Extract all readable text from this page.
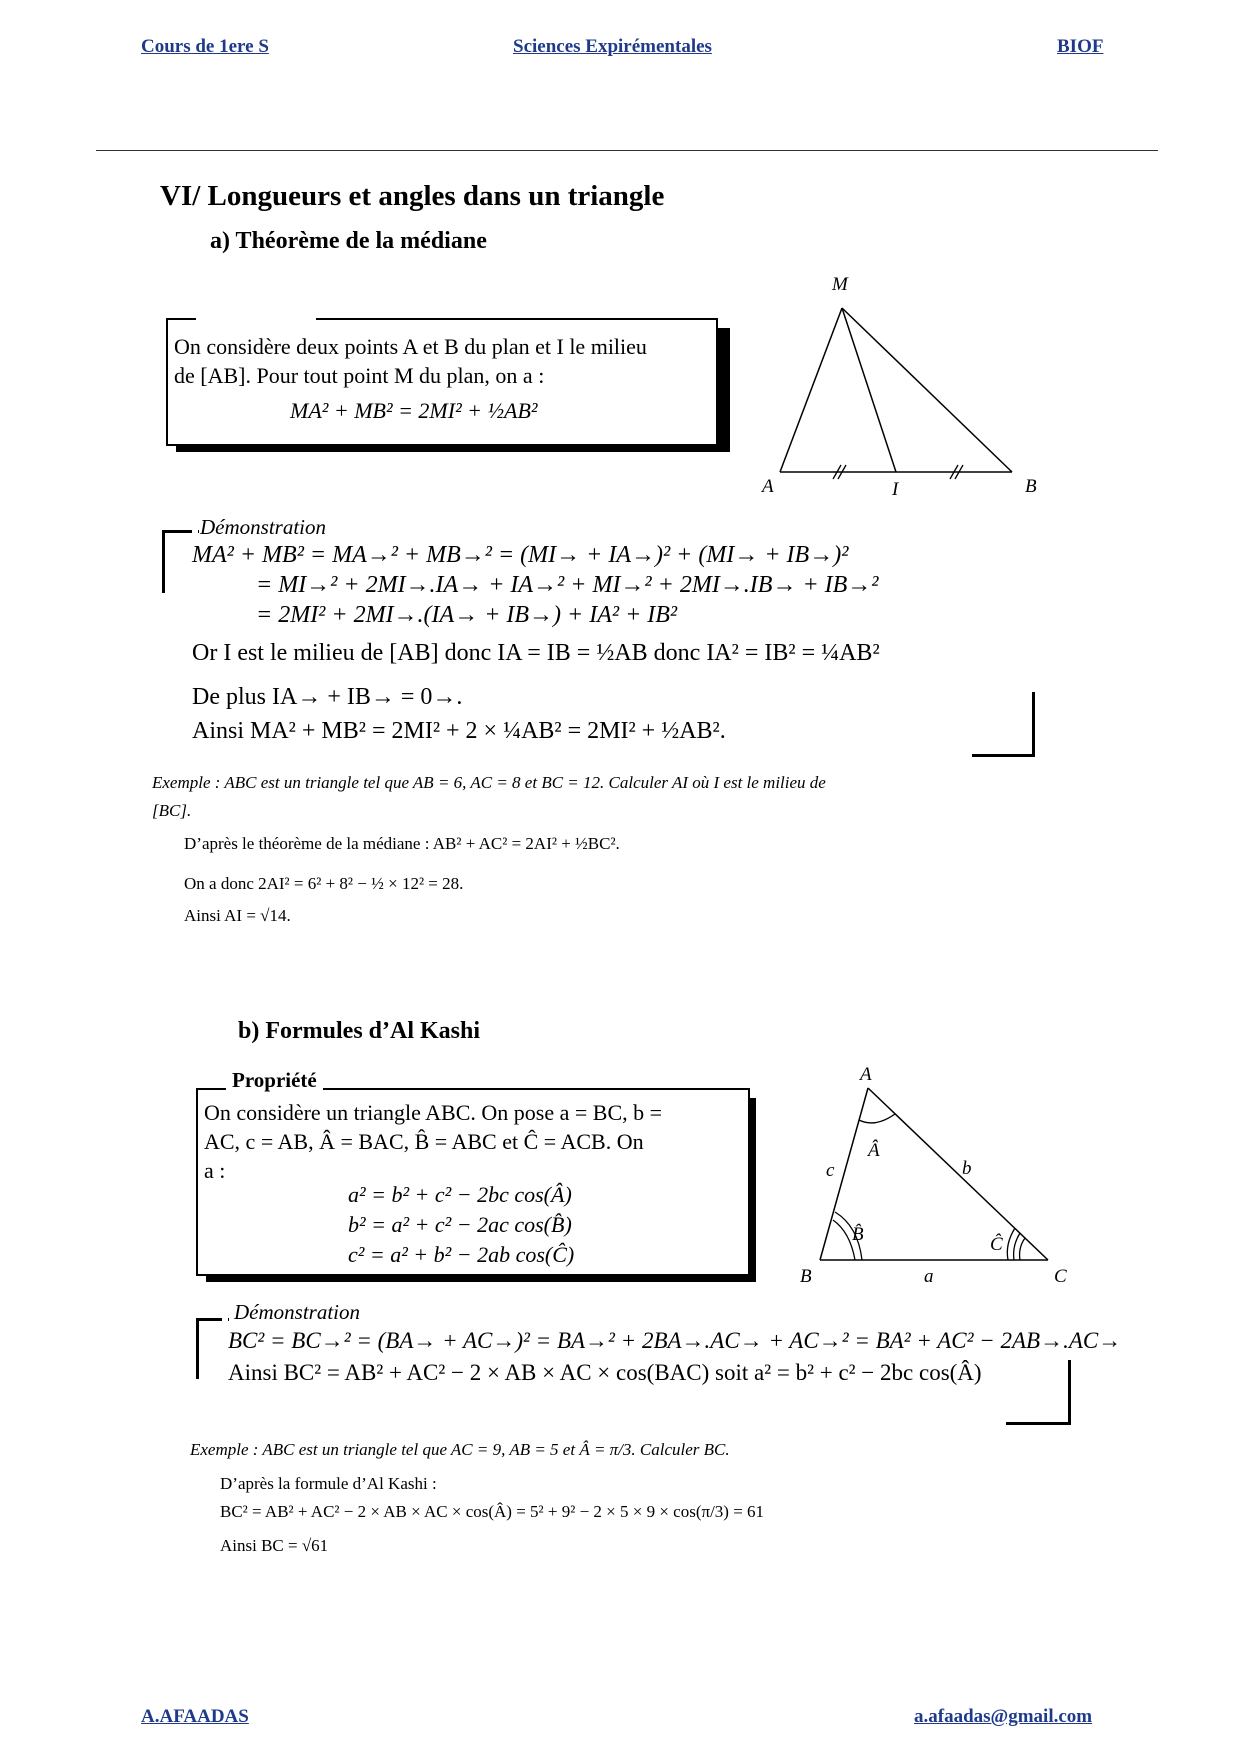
Cours de 1ere S	Sciences Expirémentales	BIOF
VI/ Longueurs et angles dans un triangle
a) Théorème de la médiane
On considère deux points A et B du plan et I le milieu
de [AB]. Pour tout point M du plan, on a :
MA² + MB² = 2MI² + ½AB²
M
A	I	B
Démonstration
MA² + MB² = MA→² + MB→² = (MI→ + IA→)² + (MI→ + IB→)²
= MI→² + 2MI→.IA→ + IA→² + MI→² + 2MI→.IB→ + IB→²
= 2MI² + 2MI→.(IA→ + IB→) + IA² + IB²
Or I est le milieu de [AB] donc IA = IB = ½AB donc IA² = IB² = ¼AB²
De plus IA→ + IB→ = 0→.
Ainsi MA² + MB² = 2MI² + 2 × ¼AB² = 2MI² + ½AB².
Exemple : ABC est un triangle tel que AB = 6, AC = 8 et BC = 12. Calculer AI où I est le milieu de
[BC].
D’après le théorème de la médiane : AB² + AC² = 2AI² + ½BC².
On a donc 2AI² = 6² + 8² − ½ × 12² = 28.
Ainsi AI = √14.
b) Formules d’Al Kashi
On considère un triangle ABC. On pose a = BC, b =
AC, c = AB, Â = BAC, B̂ = ABC et Ĉ = ACB. On
a :
a² = b² + c² − 2bc cos(Â)
b² = a² + c² − 2ac cos(B̂)
c² = a² + b² − 2ab cos(Ĉ)
Propriété	A
B	C
a
b
c
Â
B̂	Ĉ
Démonstration
BC² = BC→² = (BA→ + AC→)² = BA→² + 2BA→.AC→ + AC→² = BA² + AC² − 2AB→.AC→
Ainsi BC² = AB² + AC² − 2 × AB × AC × cos(BAC) soit a² = b² + c² − 2bc cos(Â)
Exemple : ABC est un triangle tel que AC = 9, AB = 5 et Â = π/3. Calculer BC.
D’après la formule d’Al Kashi :
BC² = AB² + AC² − 2 × AB × AC × cos(Â) = 5² + 9² − 2 × 5 × 9 × cos(π/3) = 61
Ainsi BC = √61
A.AFAADAS	a.afaadas@gmail.com
